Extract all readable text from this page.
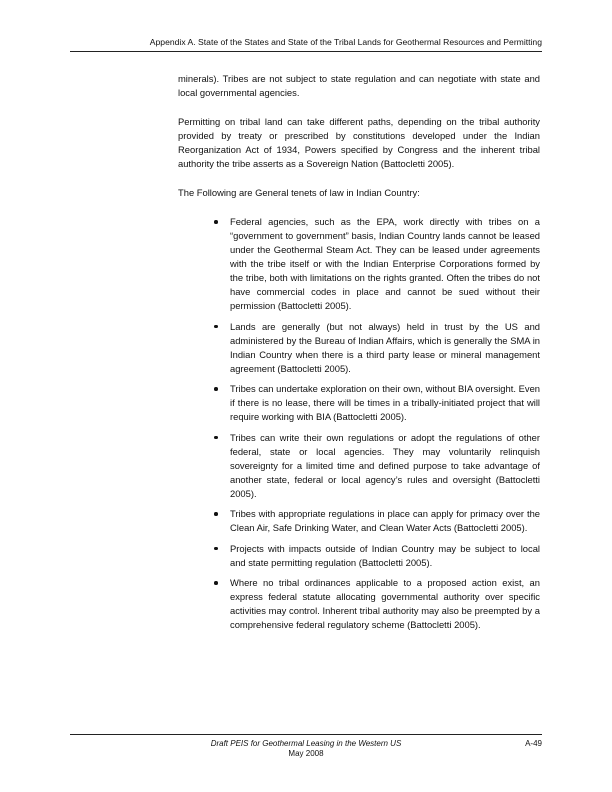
Appendix A. State of the States and State of the Tribal Lands for Geothermal Resources and Permitting

minerals). Tribes are not subject to state regulation and can negotiate with state and local governmental agencies.

Permitting on tribal land can take different paths, depending on the tribal authority provided by treaty or prescribed by constitutions developed under the Indian Reorganization Act of 1934, Powers specified by Congress and the inherent tribal authority the tribe asserts as a Sovereign Nation (Battocletti 2005).

The Following are General tenets of law in Indian Country:

Federal agencies, such as the EPA, work directly with tribes on a “government to government” basis, Indian Country lands cannot be leased under the Geothermal Steam Act. They can be leased under agreements with the tribe itself or with the Indian Enterprise Corporations formed by the tribe, both with limitations on the rights granted. Often the tribes do not have commercial codes in place and cannot be sued without their permission (Battocletti 2005).
Lands are generally (but not always) held in trust by the US and administered by the Bureau of Indian Affairs, which is generally the SMA in Indian Country when there is a third party lease or mineral management agreement (Battocletti 2005).
Tribes can undertake exploration on their own, without BIA oversight. Even if there is no lease, there will be times in a tribally-initiated project that will require working with BIA (Battocletti 2005).
Tribes can write their own regulations or adopt the regulations of other federal, state or local agencies. They may voluntarily relinquish sovereignty for a limited time and defined purpose to take advantage of another state, federal or local agency’s rules and oversight (Battocletti 2005).
Tribes with appropriate regulations in place can apply for primacy over the Clean Air, Safe Drinking Water, and Clean Water Acts (Battocletti 2005).
Projects with impacts outside of Indian Country may be subject to local and state permitting regulation (Battocletti 2005).
Where no tribal ordinances applicable to a proposed action exist, an express federal statute allocating governmental authority over specific activities may control. Inherent tribal authority may also be preempted by a comprehensive federal regulatory scheme (Battocletti 2005).
Draft PEIS for Geothermal Leasing in the Western US
May 2008
A-49
